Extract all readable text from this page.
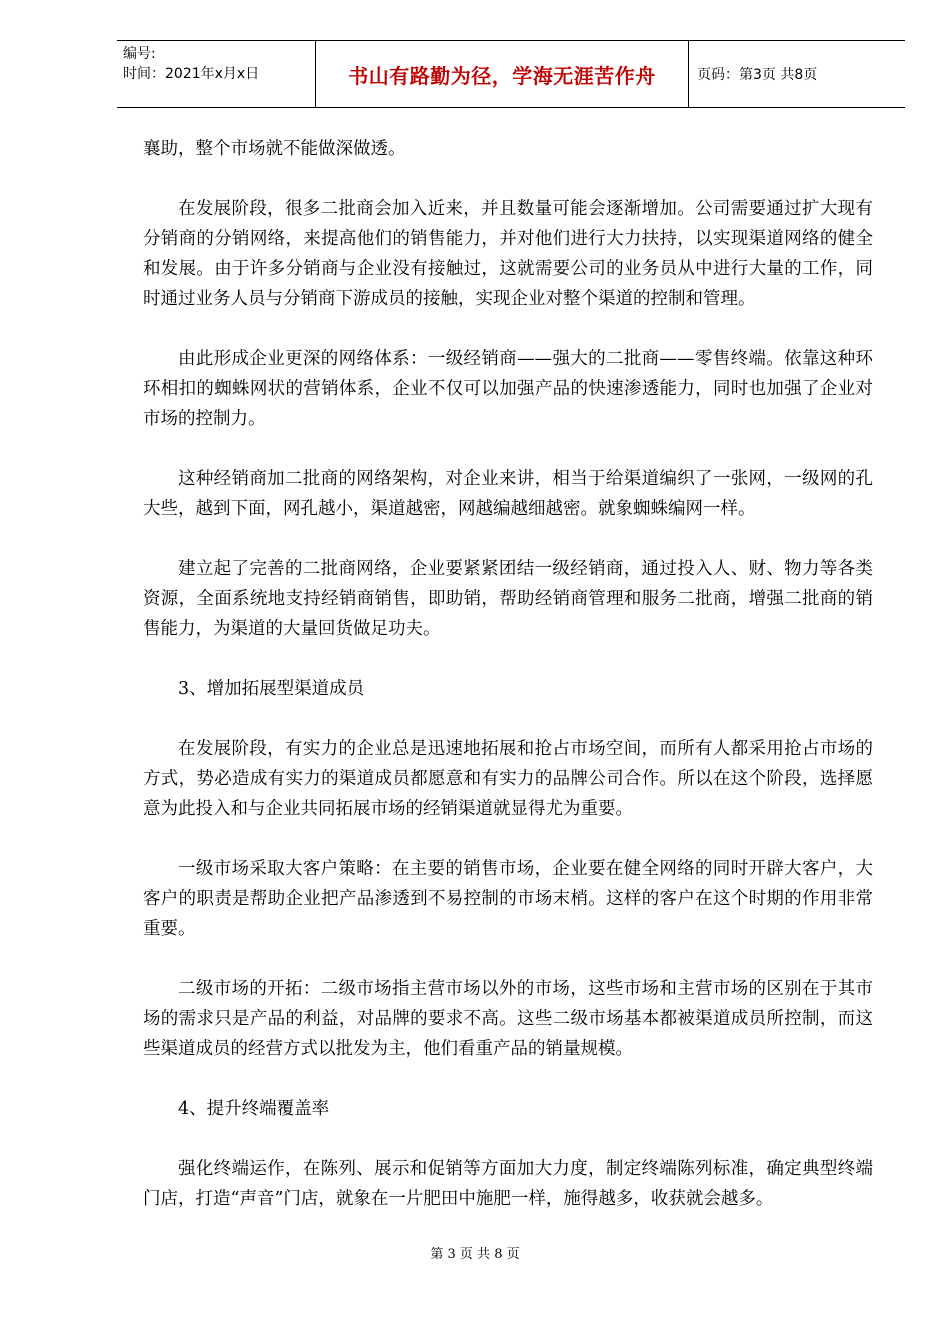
编号:
时间：2021年x月x日	书山有路勤为径，学海无涯苦作舟	页码：第3页 共8页

襄助，整个市场就不能做深做透。

在发展阶段，很多二批商会加入近来，并且数量可能会逐渐增加。公司需要通过扩大现有分销商的分销网络，来提高他们的销售能力，并对他们进行大力扶持，以实现渠道网络的健全和发展。由于许多分销商与企业没有接触过，这就需要公司的业务员从中进行大量的工作，同时通过业务人员与分销商下游成员的接触，实现企业对整个渠道的控制和管理。

由此形成企业更深的网络体系：一级经销商——强大的二批商——零售终端。依靠这种环环相扣的蜘蛛网状的营销体系，企业不仅可以加强产品的快速渗透能力，同时也加强了企业对市场的控制力。

这种经销商加二批商的网络架构，对企业来讲，相当于给渠道编织了一张网，一级网的孔大些，越到下面，网孔越小，渠道越密，网越编越细越密。就象蜘蛛编网一样。

建立起了完善的二批商网络，企业要紧紧团结一级经销商，通过投入人、财、物力等各类资源，全面系统地支持经销商销售，即助销，帮助经销商管理和服务二批商，增强二批商的销售能力，为渠道的大量回货做足功夫。

3、增加拓展型渠道成员

在发展阶段，有实力的企业总是迅速地拓展和抢占市场空间，而所有人都采用抢占市场的方式，势必造成有实力的渠道成员都愿意和有实力的品牌公司合作。所以在这个阶段，选择愿意为此投入和与企业共同拓展市场的经销渠道就显得尤为重要。

一级市场采取大客户策略：在主要的销售市场，企业要在健全网络的同时开辟大客户，大客户的职责是帮助企业把产品渗透到不易控制的市场末梢。这样的客户在这个时期的作用非常重要。

二级市场的开拓：二级市场指主营市场以外的市场，这些市场和主营市场的区别在于其市场的需求只是产品的利益，对品牌的要求不高。这些二级市场基本都被渠道成员所控制，而这些渠道成员的经营方式以批发为主，他们看重产品的销量规模。

4、提升终端覆盖率

强化终端运作，在陈列、展示和促销等方面加大力度，制定终端陈列标准，确定典型终端门店，打造“声音”门店，就象在一片肥田中施肥一样，施得越多，收获就会越多。

第 3 页 共 8 页
